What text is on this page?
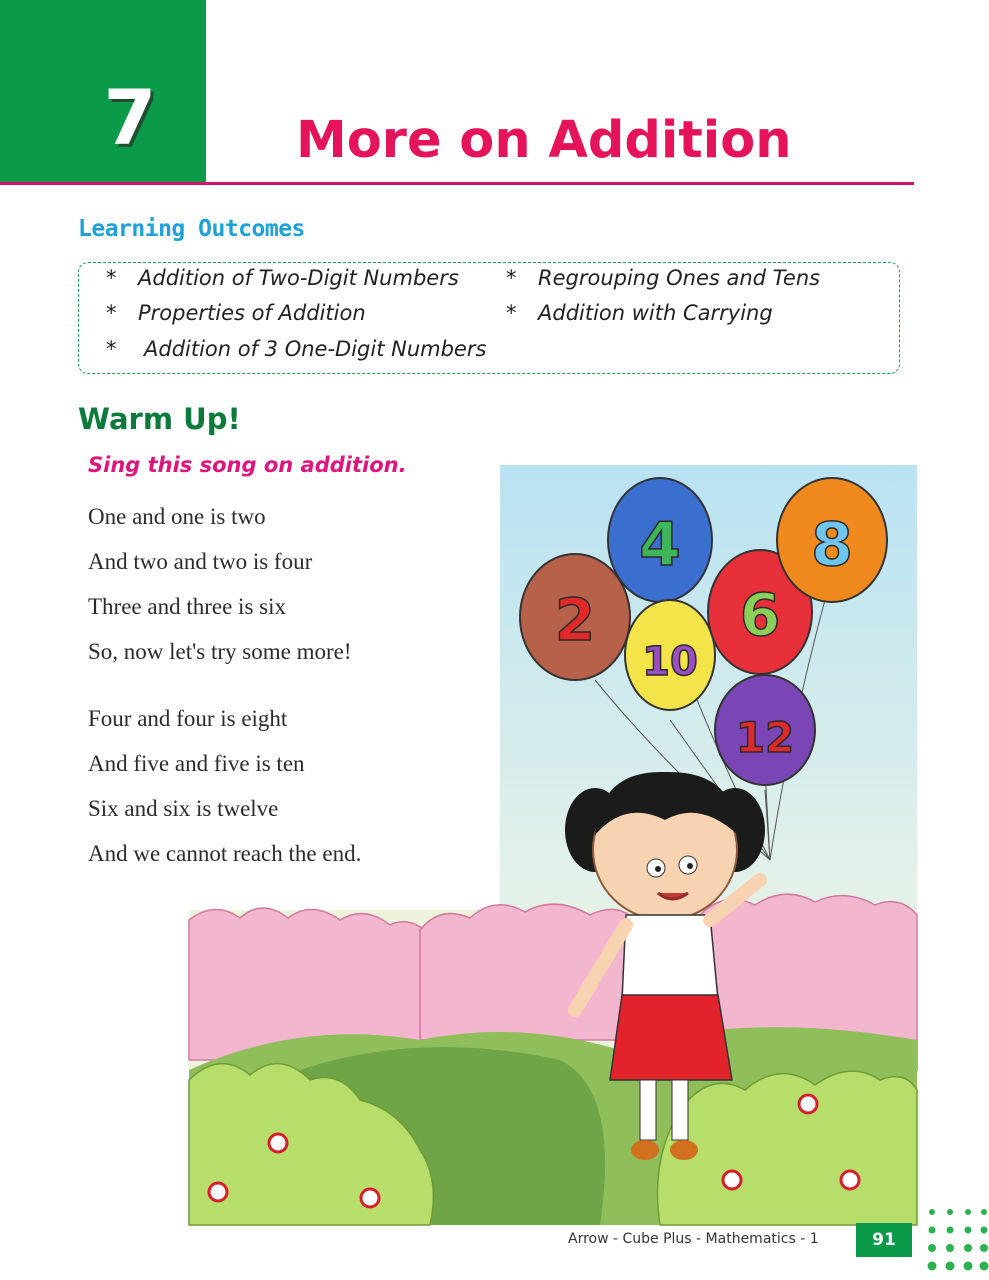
7	More on Addition
Learning Outcomes
* Addition of Two-Digit Numbers * Regrouping Ones and Tens
* Properties of Addition	* Addition with Carrying
* Addition of 3 One-Digit Numbers
Warm Up!
Sing this song on addition.
One and one is two
And two and two is four
Three and three is six
So, now let's try some more!
Four and four is eight
And five and five is ten
Six and six is twelve
And we cannot reach the end.
2
4
10
6
8
12
Arrow - Cube Plus - Mathematics - 1	91
